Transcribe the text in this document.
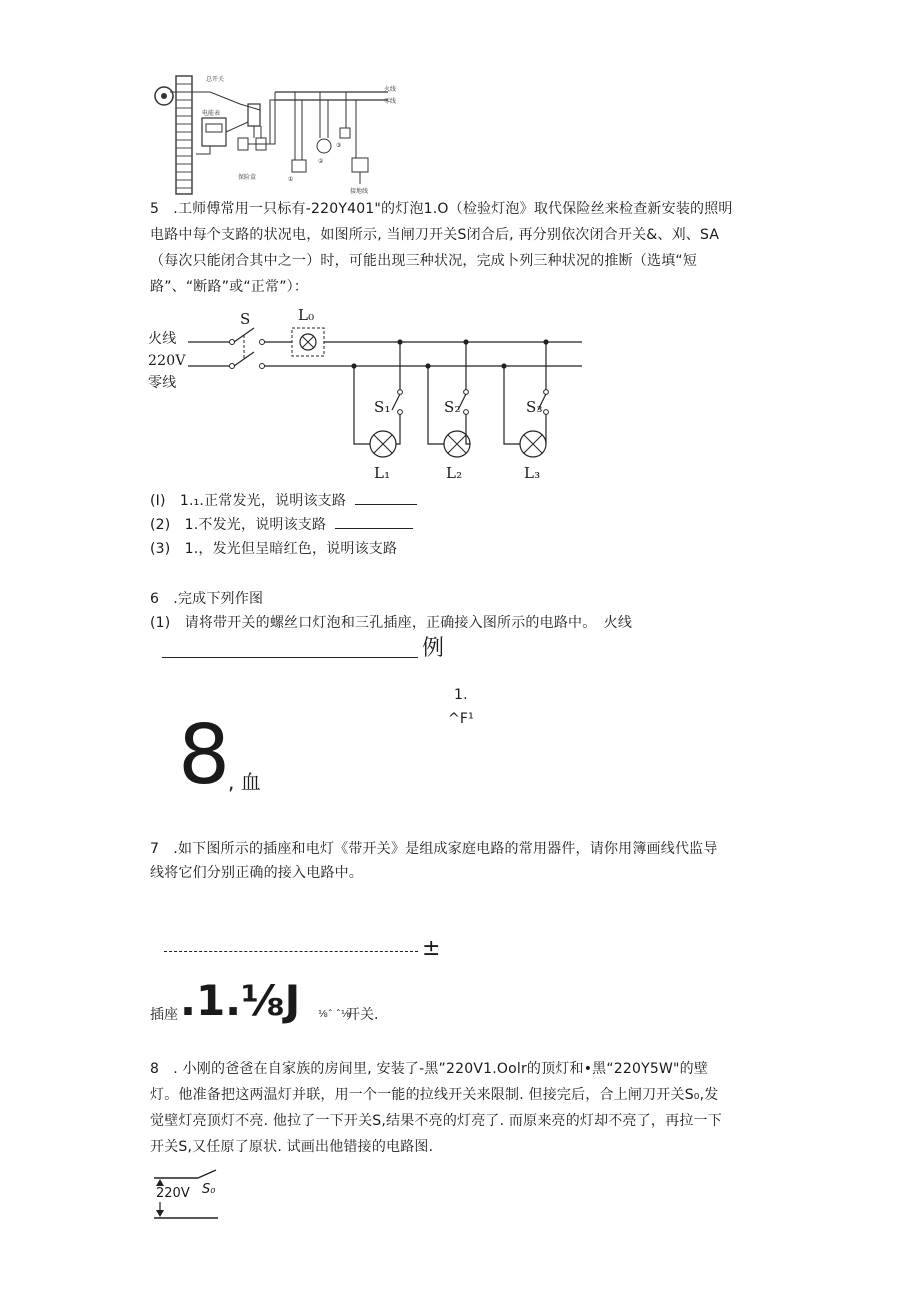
总开关
电能表
火线
零线
保险盒	①
②
③
接地线
5　.工师傅常用一只标有-220Y401"的灯泡1.O（检验灯泡》取代保险丝来检查新安装的照明
电路中每个支路的状况电，如图所示, 当闸刀开关S闭合后, 再分别依次闭合开关&、刈、SA
（每次只能闭合其中之一）时，可能出现三种状况，完成卜列三种状况的推断（选填“短
路”、“断路”或“正常”）：
火线
220V
零线
S	L₀
S₁	S₂	S₃
L₁	L₂	L₃
(I)　1.₁.正常发光，说明该支路
(2)　1.不发光，说明该支路
(3)　1.，发光但呈暗红色，说明该支路
6　.完成下列作图
(1)　请将带开关的螺丝口灯泡和三孔插座，正确接入图所示的电路中。　火线
例
1.
^F¹
8
, 血
7　.如下图所示的插座和电灯《带开关》是组成家庭电路的常用器件，请你用簿画线代监导
线将它们分别正确的接入电路中。
±
插座 .1.⅛J ⅛ˆ ˆ⅛
开关.
8　. 小刚的爸爸在自家族的房间里, 安装了-黑”220V1.Oolr的顶灯和•黑“220Y5W"的壁
灯。他准备把这两温灯并联，用一个一能的拉线开关来限制. 但接完后，合上闸刀开关S₀,发
觉壁灯亮顶灯不亮. 他拉了一下开关S,结果不亮的灯亮了. 而原来亮的灯却不亮了，再拉一下
开关S,又任原了原状. 试画出他错接的电路图.
220V S₀
